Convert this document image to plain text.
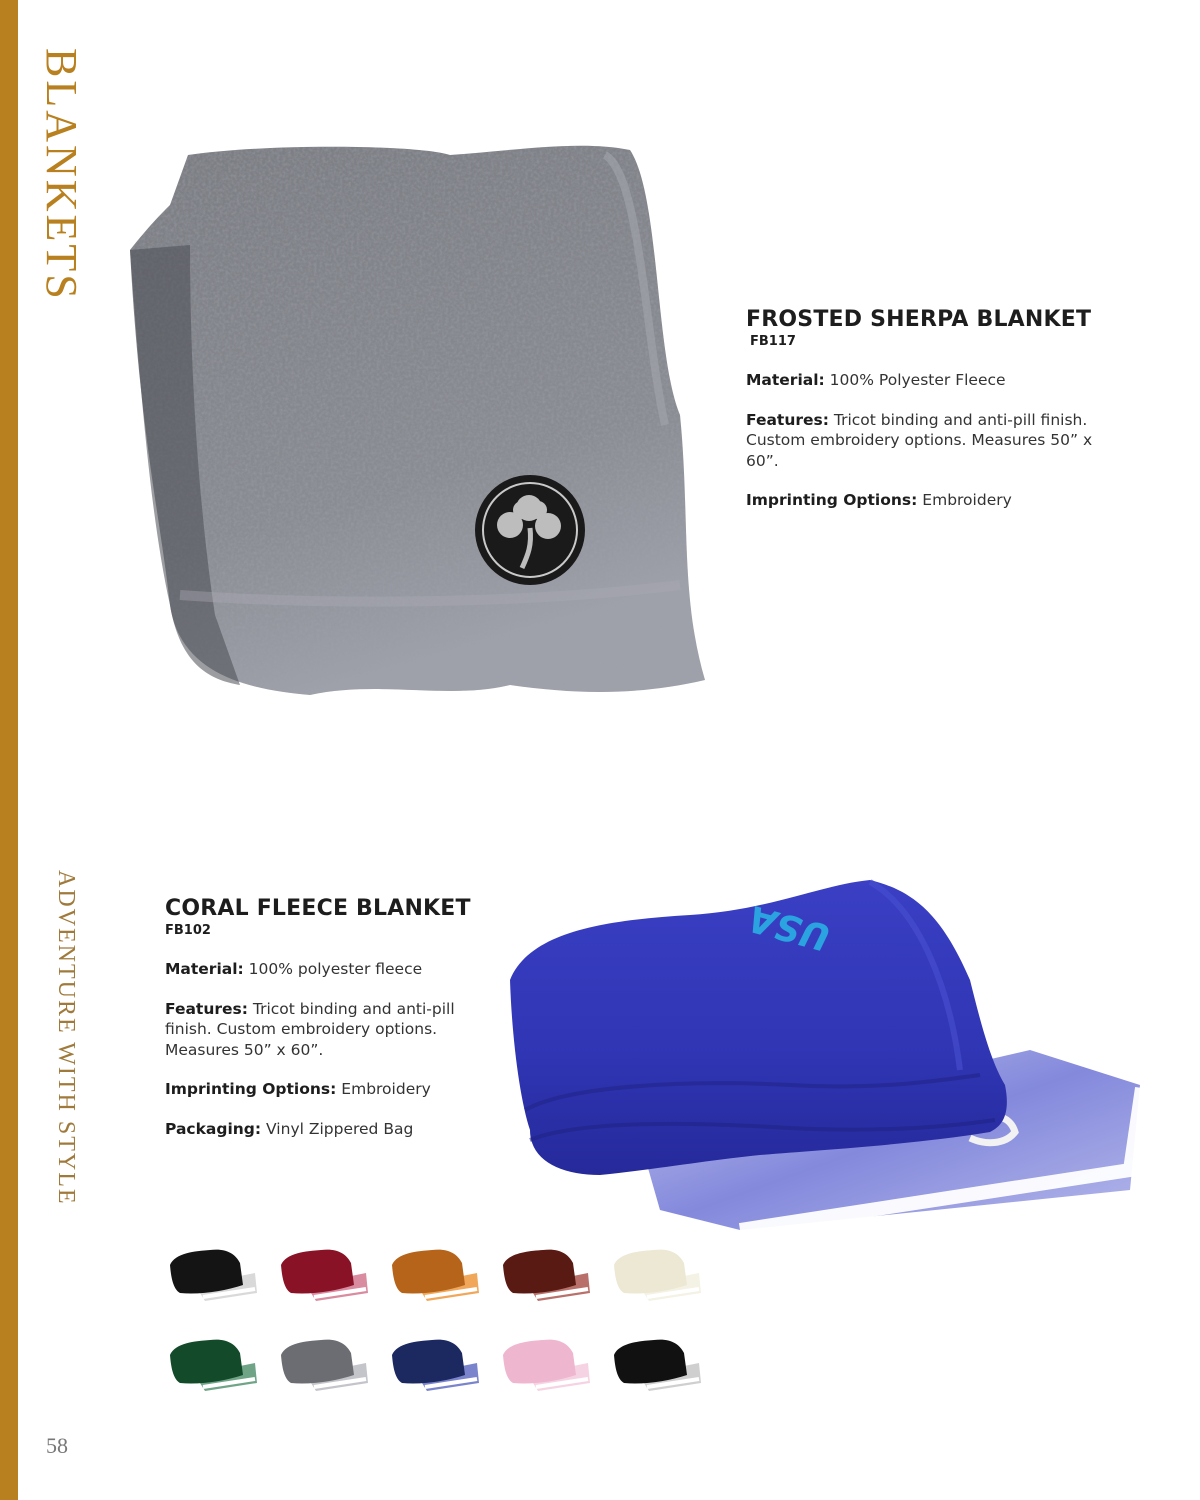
BLANKETS
ADVENTURE WITH STYLE
58

FROSTED SHERPA BLANKET

FB117

Material: 100% Polyester Fleece

Features: Tricot binding and anti-pill finish. Custom embroidery options. Measures 50” x 60”.

Imprinting Options: Embroidery

CORAL FLEECE BLANKET

FB102

Material: 100% polyester fleece

Features: Tricot binding and anti-pill finish. Custom embroidery options. Measures 50” x 60”.

Imprinting Options: Embroidery

Packaging: Vinyl Zippered Bag

USA
